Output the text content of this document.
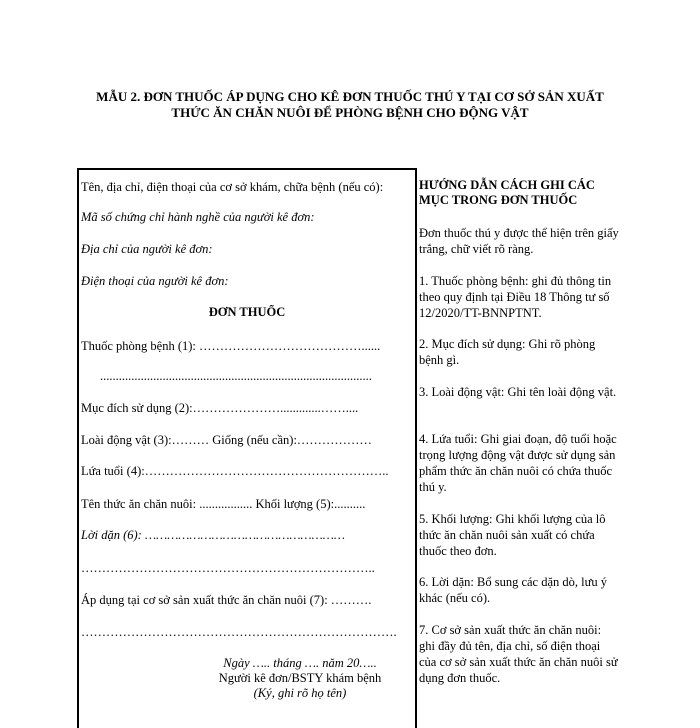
MẪU 2. ĐƠN THUỐC ÁP DỤNG CHO KÊ ĐƠN THUỐC THÚ Y TẠI CƠ SỞ SẢN XUẤT
THỨC ĂN CHĂN NUÔI ĐỂ PHÒNG BỆNH CHO ĐỘNG VẬT
Tên, địa chỉ, điện thoại của cơ sở khám, chữa bệnh (nếu có):
Mã số chứng chỉ hành nghề của người kê đơn:
Địa chỉ của người kê đơn:
Điện thoại của người kê đơn:
ĐƠN THUỐC
Thuốc phòng bệnh (1): …………………………………......
.......................................................................................
Mục đích sử dụng (2):………………….............……....
Loài động vật (3):……… Giống (nếu cần):………………
Lứa tuổi (4):…………………………………………………..
Tên thức ăn chăn nuôi: ................. Khối lượng (5):..........
Lời dặn (6): ………………………………………………
……………………………………………………………..
Áp dụng tại cơ sở sản xuất thức ăn chăn nuôi (7): ……….
………………………………………………………………….
Ngày ….. tháng …. năm 20…..
Người kê đơn/BSTY khám bệnh
(Ký, ghi rõ họ tên)
HƯỚNG DẪN CÁCH GHI CÁC MỤC TRONG ĐƠN THUỐC
Đơn thuốc thú y được thể hiện trên giấy trắng, chữ viết rõ ràng.
1. Thuốc phòng bệnh: ghi đủ thông tin theo quy định tại Điều 18 Thông tư số 12/2020/TT-BNNPTNT.
2. Mục đích sử dụng: Ghi rõ phòng bệnh gì.
3. Loài động vật: Ghi tên loài động vật.
4. Lứa tuổi: Ghi giai đoạn, độ tuổi hoặc trọng lượng động vật được sử dụng sản phẩm thức ăn chăn nuôi có chứa thuốc thú y.
5. Khối lượng: Ghi khối lượng của lô thức ăn chăn nuôi sản xuất có chứa thuốc theo đơn.
6. Lời dặn: Bổ sung các dặn dò, lưu ý khác (nếu có).
7. Cơ sở sản xuất thức ăn chăn nuôi: ghi đầy đủ tên, địa chỉ, số điện thoại của cơ sở sản xuất thức ăn chăn nuôi sử dụng đơn thuốc.
